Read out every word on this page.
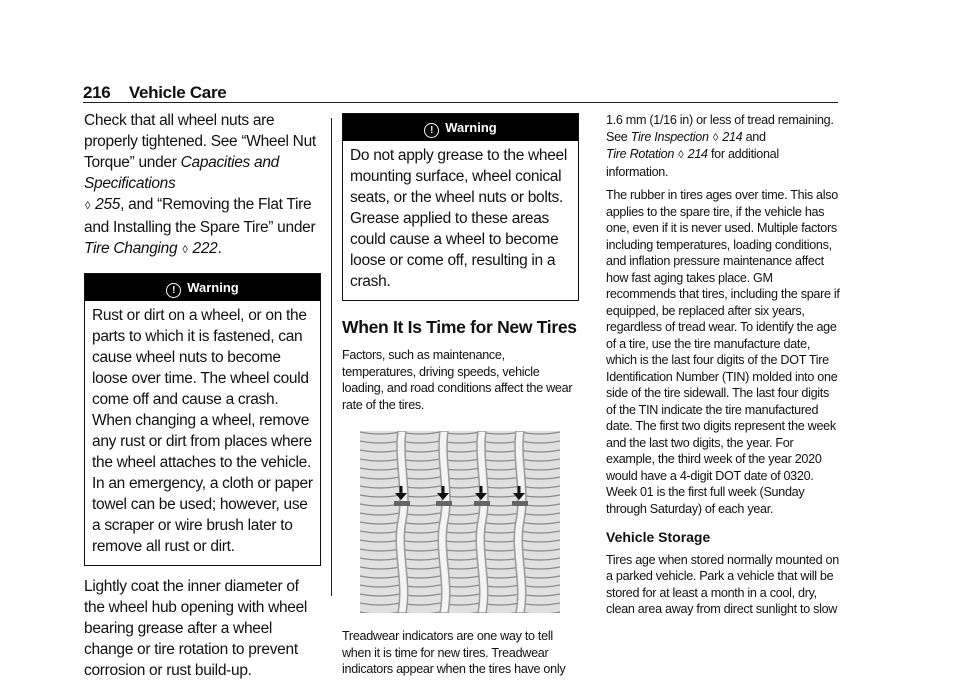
216 Vehicle Care

Check that all wheel nuts are properly tightened. See “Wheel Nut Torque” under Capacities and Specifications
◊ 255, and “Removing the Flat Tire and Installing the Spare Tire” under Tire Changing ◊ 222.

! Warning
Rust or dirt on a wheel, or on the parts to which it is fastened, can cause wheel nuts to become loose over time. The wheel could come off and cause a crash. When changing a wheel, remove any rust or dirt from places where the wheel attaches to the vehicle. In an emergency, a cloth or paper towel can be used; however, use a scraper or wire brush later to remove all rust or dirt.

Lightly coat the inner diameter of the wheel hub opening with wheel bearing grease after a wheel change or tire rotation to prevent corrosion or rust build-up.

! Warning
Do not apply grease to the wheel mounting surface, wheel conical seats, or the wheel nuts or bolts. Grease applied to these areas could cause a wheel to become loose or come off, resulting in a crash.
When It Is Time for New Tires

Factors, such as maintenance, temperatures, driving speeds, vehicle loading, and road conditions affect the wear rate of the tires.

Treadwear indicators are one way to tell when it is time for new tires. Treadwear indicators appear when the tires have only

1.6 mm (1/16 in) or less of tread remaining. See Tire Inspection ◊ 214 and
Tire Rotation ◊ 214 for additional information.

The rubber in tires ages over time. This also applies to the spare tire, if the vehicle has one, even if it is never used. Multiple factors including temperatures, loading conditions, and inflation pressure maintenance affect how fast aging takes place. GM recommends that tires, including the spare if equipped, be replaced after six years, regardless of tread wear. To identify the age of a tire, use the tire manufacture date, which is the last four digits of the DOT Tire Identification Number (TIN) molded into one side of the tire sidewall. The last four digits of the TIN indicate the tire manufactured date. The first two digits represent the week and the last two digits, the year. For example, the third week of the year 2020 would have a 4-digit DOT date of 0320. Week 01 is the first full week (Sunday through Saturday) of each year.

Vehicle Storage

Tires age when stored normally mounted on a parked vehicle. Park a vehicle that will be stored for at least a month in a cool, dry, clean area away from direct sunlight to slow
